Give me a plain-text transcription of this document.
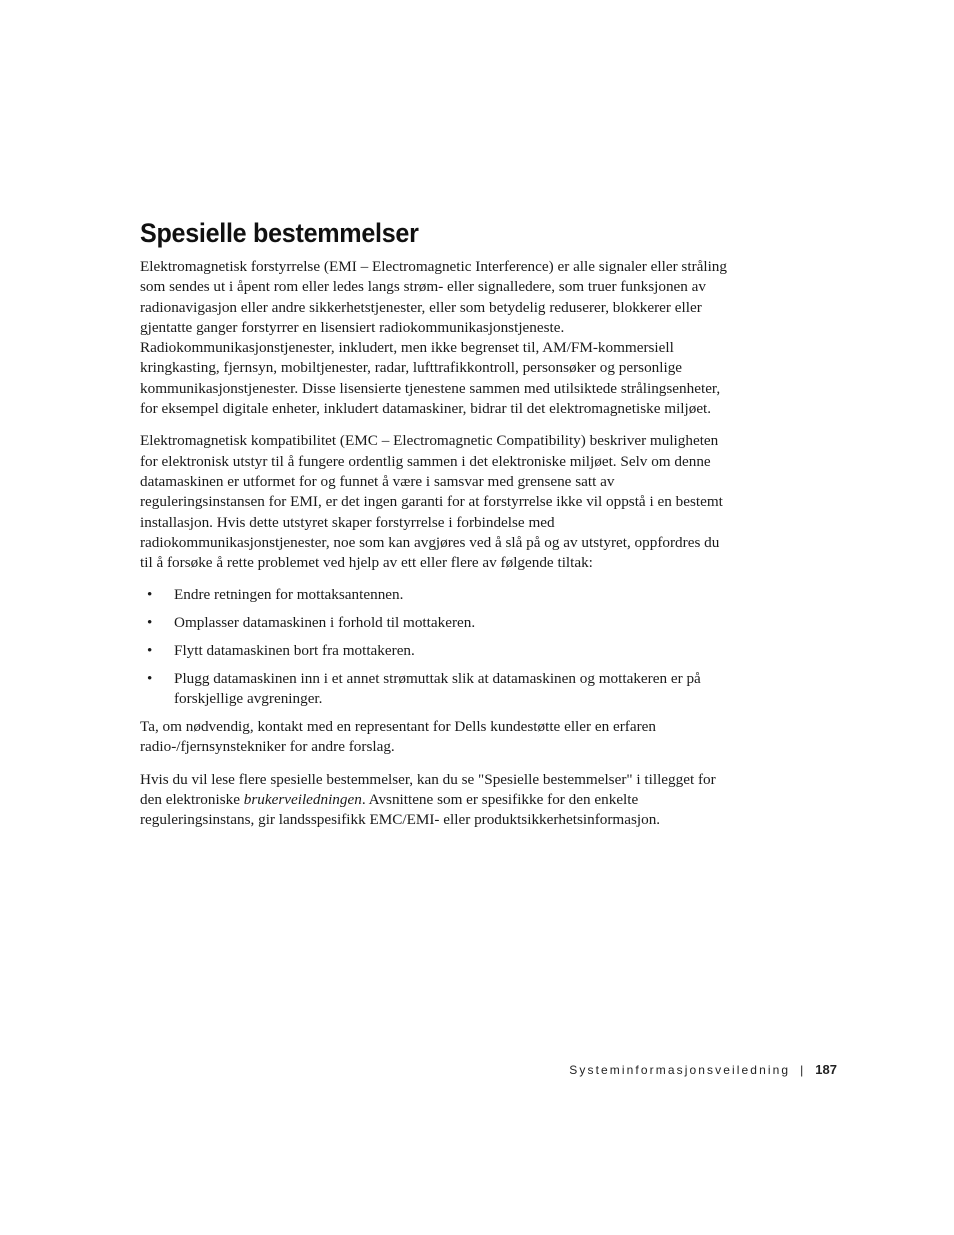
Spesielle bestemmelser

Elektromagnetisk forstyrrelse (EMI – Electromagnetic Interference) er alle signaler eller stråling som sendes ut i åpent rom eller ledes langs strøm- eller signalledere, som truer funksjonen av radionavigasjon eller andre sikkerhetstjenester, eller som betydelig reduserer, blokkerer eller gjentatte ganger forstyrrer en lisensiert radiokommunikasjonstjeneste. Radiokommunikasjonstjenester, inkludert, men ikke begrenset til, AM/FM-kommersiell kringkasting, fjernsyn, mobiltjenester, radar, lufttrafikkontroll, personsøker og personlige kommunikasjonstjenester. Disse lisensierte tjenestene sammen med utilsiktede strålingsenheter, for eksempel digitale enheter, inkludert datamaskiner, bidrar til det elektromagnetiske miljøet.

Elektromagnetisk kompatibilitet (EMC – Electromagnetic Compatibility) beskriver muligheten for elektronisk utstyr til å fungere ordentlig sammen i det elektroniske miljøet. Selv om denne datamaskinen er utformet for og funnet å være i samsvar med grensene satt av reguleringsinstansen for EMI, er det ingen garanti for at forstyrrelse ikke vil oppstå i en bestemt installasjon. Hvis dette utstyret skaper forstyrrelse i forbindelse med radiokommunikasjonstjenester, noe som kan avgjøres ved å slå på og av utstyret, oppfordres du til å forsøke å rette problemet ved hjelp av ett eller flere av følgende tiltak:

• Endre retningen for mottaksantennen.
• Omplasser datamaskinen i forhold til mottakeren.
• Flytt datamaskinen bort fra mottakeren.
• Plugg datamaskinen inn i et annet strømuttak slik at datamaskinen og mottakeren er på forskjellige avgreninger.

Ta, om nødvendig, kontakt med en representant for Dells kundestøtte eller en erfaren radio-/fjernsynstekniker for andre forslag.

Hvis du vil lese flere spesielle bestemmelser, kan du se "Spesielle bestemmelser" i tillegget for den elektroniske brukerveiledningen. Avsnittene som er spesifikke for den enkelte reguleringsinstans, gir landsspesifikk EMC/EMI- eller produktsikkerhetsinformasjon.

Systeminformasjonsveiledning | 187
